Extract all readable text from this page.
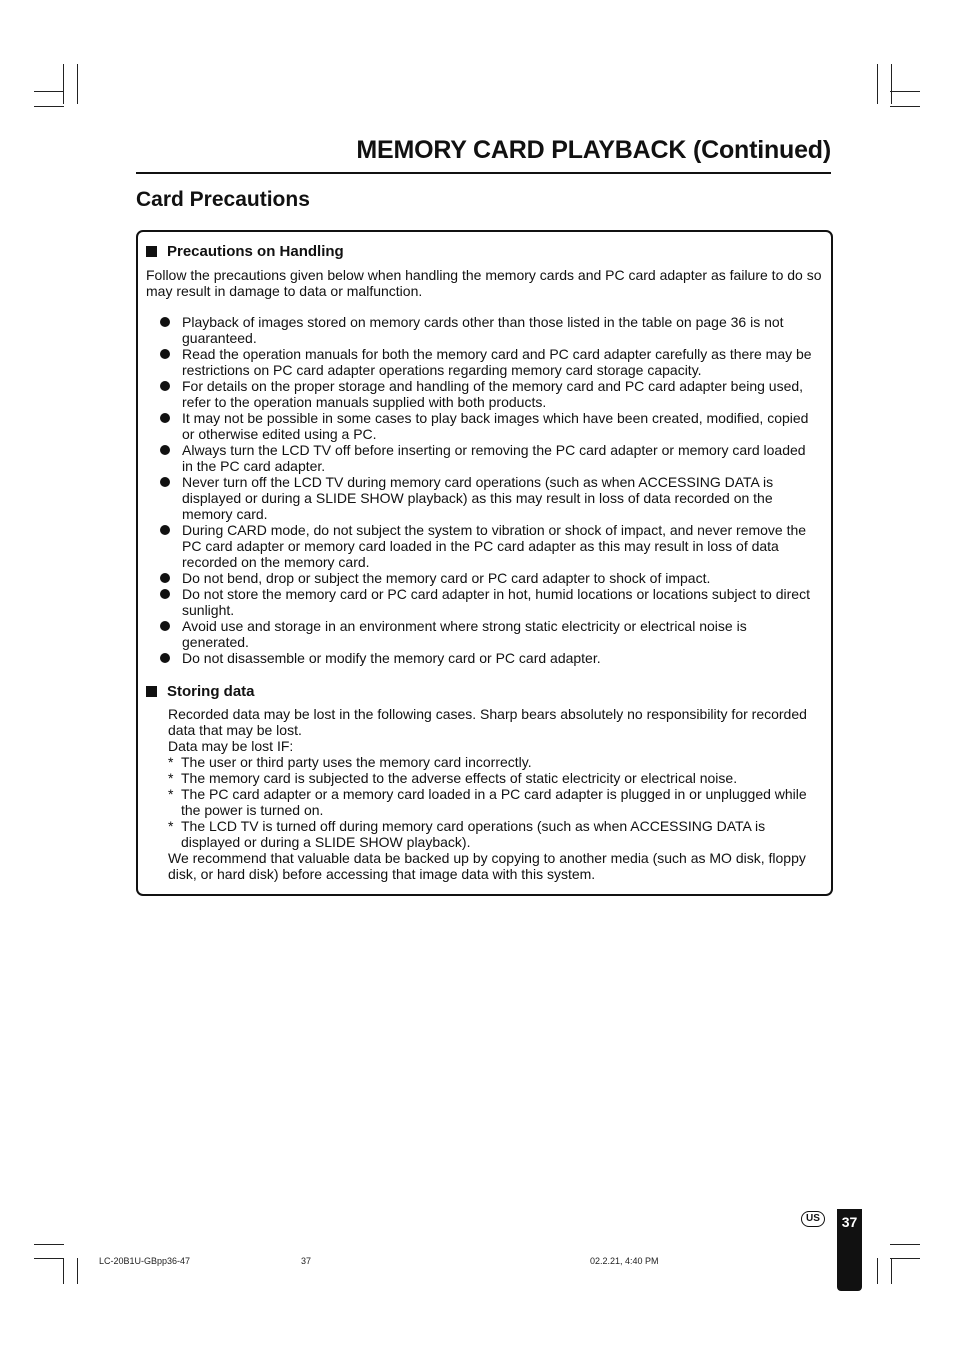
MEMORY CARD PLAYBACK (Continued)
Card Precautions
Precautions on Handling

Follow the precautions given below when handling the memory cards and PC card adapter as failure to do so may result in damage to data or malfunction.

Playback of images stored on memory cards other than those listed in the table on page 36 is not guaranteed.
Read the operation manuals for both the memory card and PC card adapter carefully as there may be restrictions on PC card adapter operations regarding memory card storage capacity.
For details on the proper storage and handling of the memory card and PC card adapter being used, refer to the operation manuals supplied with both products.
It may not be possible in some cases to play back images which have been created, modified, copied or otherwise edited using a PC.
Always turn the LCD TV off before inserting or removing the PC card adapter or memory card loaded in the PC card adapter.
Never turn off the LCD TV during memory card operations (such as when ACCESSING DATA is displayed or during a SLIDE SHOW playback) as this may result in loss of data recorded on the memory card.
During CARD mode, do not subject the system to vibration or shock of impact, and never remove the PC card adapter or memory card loaded in the PC card adapter as this may result in loss of data recorded on the memory card.
Do not bend, drop or subject the memory card or PC card adapter to shock of impact.
Do not store the memory card or PC card adapter in hot, humid locations or locations subject to direct sunlight.
Avoid use and storage in an environment where strong static electricity or electrical noise is generated.
Do not disassemble or modify the memory card or PC card adapter.
Storing data

Recorded data may be lost in the following cases. Sharp bears absolutely no responsibility for recorded data that may be lost.

Data may be lost IF:

* The user or third party uses the memory card incorrectly.
* The memory card is subjected to the adverse effects of static electricity or electrical noise.
* The PC card adapter or a memory card loaded in a PC card adapter is plugged in or unplugged while the power is turned on.
* The LCD TV is turned off during memory card operations (such as when ACCESSING DATA is displayed or during a SLIDE SHOW playback).

We recommend that valuable data be backed up by copying to another media (such as MO disk, floppy disk, or hard disk) before accessing that image data with this system.

US	37
LC-20B1U-GBpp36-47	37	02.2.21, 4:40 PM
